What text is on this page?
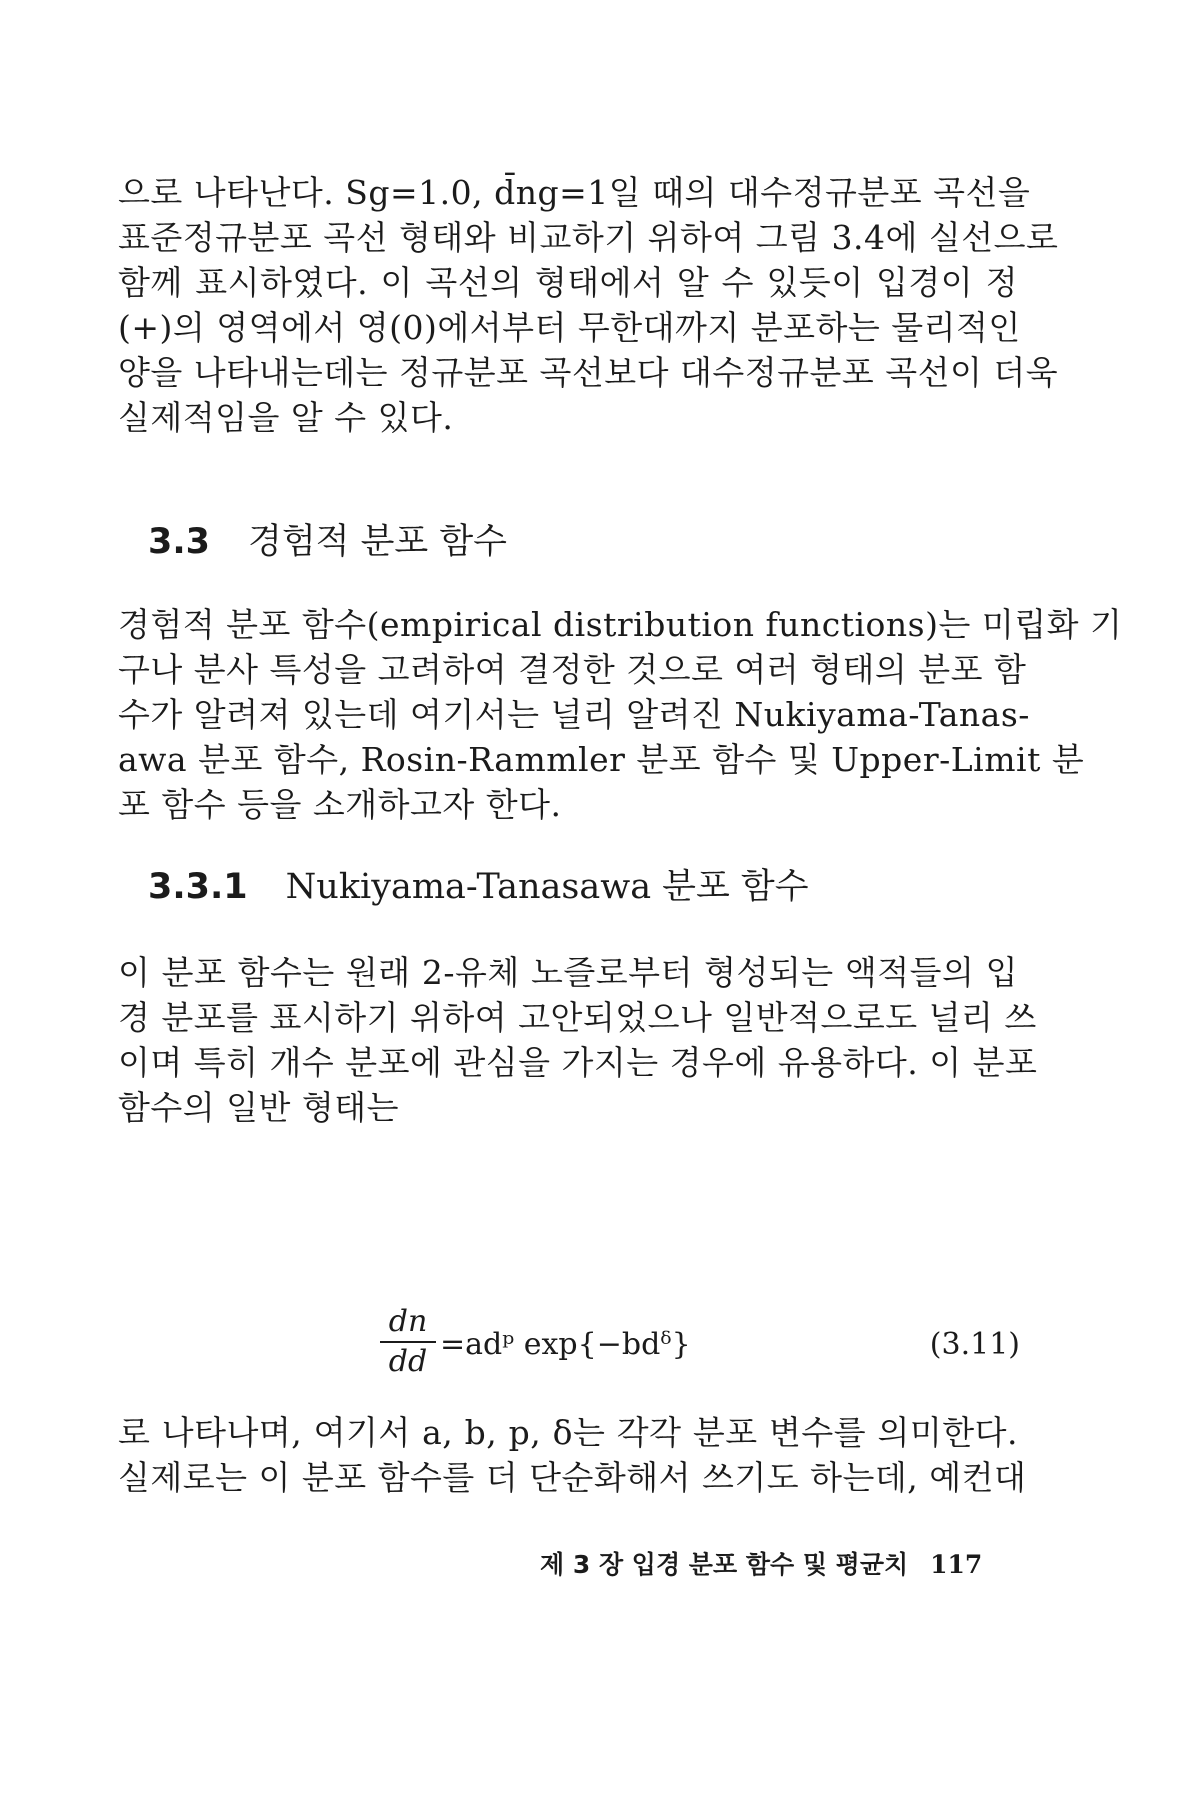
으로 나타난다. Sg=1.0, d̄ng=1일 때의 대수정규분포 곡선을
표준정규분포 곡선 형태와 비교하기 위하여 그림 3.4에 실선으로
함께 표시하였다. 이 곡선의 형태에서 알 수 있듯이 입경이 정
(+)의 영역에서 영(0)에서부터 무한대까지 분포하는 물리적인
양을 나타내는데는 정규분포 곡선보다 대수정규분포 곡선이 더욱
실제적임을 알 수 있다.
3.3 경험적 분포 함수
경험적 분포 함수(empirical distribution functions)는 미립화 기
구나 분사 특성을 고려하여 결정한 것으로 여러 형태의 분포 함
수가 알려져 있는데 여기서는 널리 알려진 Nukiyama-Tanas-
awa 분포 함수, Rosin-Rammler 분포 함수 및 Upper-Limit 분
포 함수 등을 소개하고자 한다.
3.3.1 Nukiyama-Tanasawa 분포 함수
이 분포 함수는 원래 2-유체 노즐로부터 형성되는 액적들의 입
경 분포를 표시하기 위하여 고안되었으나 일반적으로도 널리 쓰
이며 특히 개수 분포에 관심을 가지는 경우에 유용하다. 이 분포
함수의 일반 형태는
dn
dd =adᵖ exp{−bdᵟ}	(3.11)
로 나타나며, 여기서 a, b, p, δ는 각각 분포 변수를 의미한다.
실제로는 이 분포 함수를 더 단순화해서 쓰기도 하는데, 예컨대
제 3 장 입경 분포 함수 및 평균치 117
